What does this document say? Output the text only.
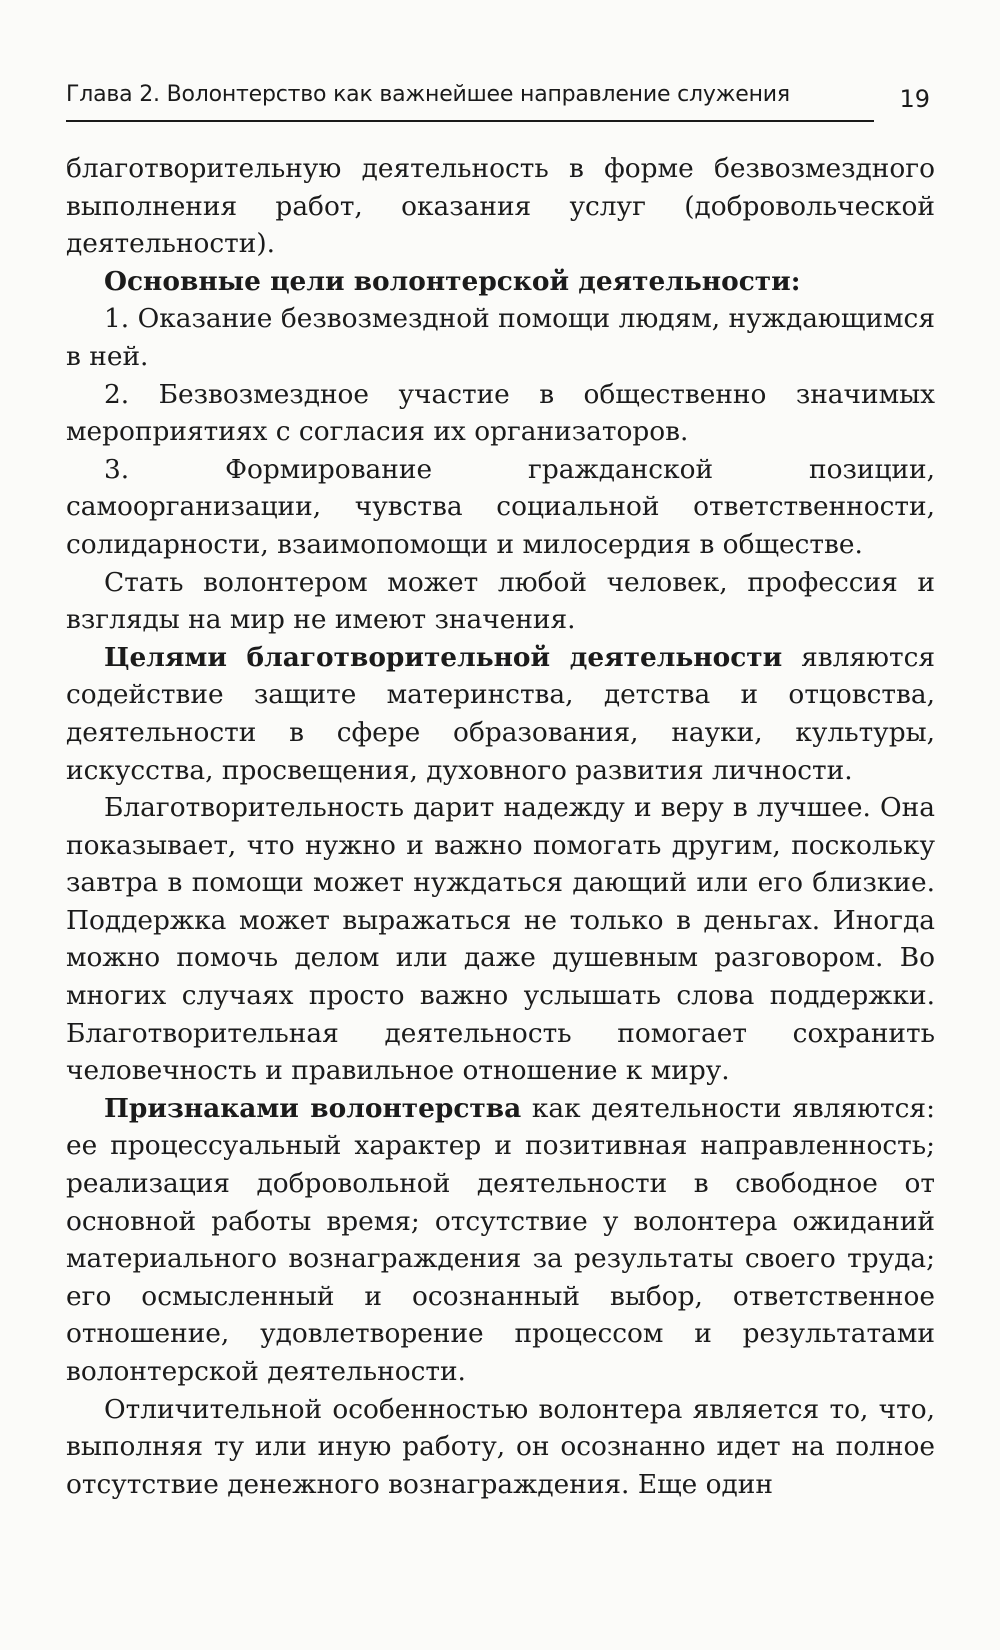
Глава 2. Волонтерство как важнейшее направление служения	19

благотворительную деятельность в форме безвозмездного выполнения работ, оказания услуг (добровольческой деятельности).

Основные цели волонтерской деятельности:

1. Оказание безвозмездной помощи людям, нуждающимся в ней.

2. Безвозмездное участие в общественно значимых мероприятиях с согласия их организаторов.

3. Формирование гражданской позиции, самоорганизации, чувства социальной ответственности, солидарности, взаимопомощи и милосердия в обществе.

Стать волонтером может любой человек, профессия и взгляды на мир не имеют значения.

Целями благотворительной деятельности являются содействие защите материнства, детства и отцовства, деятельности в сфере образования, науки, культуры, искусства, просвещения, духовного развития личности.

Благотворительность дарит надежду и веру в лучшее. Она показывает, что нужно и важно помогать другим, поскольку завтра в помощи может нуждаться дающий или его близкие. Поддержка может выражаться не только в деньгах. Иногда можно помочь делом или даже душевным разговором. Во многих случаях просто важно услышать слова поддержки. Благотворительная деятельность помогает сохранить человечность и правильное отношение к миру.

Признаками волонтерства как деятельности являются: ее процессуальный характер и позитивная направленность; реализация добровольной деятельности в свободное от основной работы время; отсутствие у волонтера ожиданий материального вознаграждения за результаты своего труда; его осмысленный и осознанный выбор, ответственное отношение, удовлетворение процессом и результатами волонтерской деятельности.

Отличительной особенностью волонтера является то, что, выполняя ту или иную работу, он осознанно идет на полное отсутствие денежного вознаграждения. Еще один
